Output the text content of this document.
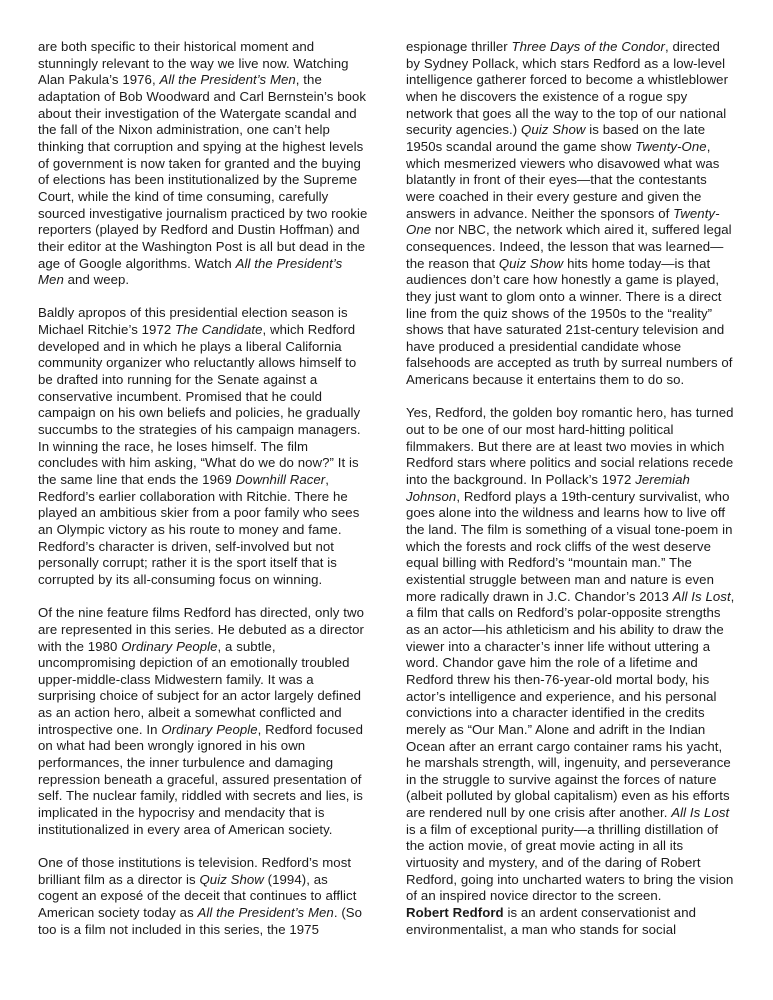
are both specific to their historical moment and stunningly relevant to the way we live now. Watching Alan Pakula’s 1976, All the President’s Men, the adaptation of Bob Woodward and Carl Bernstein’s book about their investigation of the Watergate scandal and the fall of the Nixon administration, one can’t help thinking that corruption and spying at the highest levels of government is now taken for granted and the buying of elections has been institutionalized by the Supreme Court, while the kind of time consuming, carefully sourced investigative journalism practiced by two rookie reporters (played by Redford and Dustin Hoffman) and their editor at the Washington Post is all but dead in the age of Google algorithms. Watch All the President’s Men and weep.

Baldly apropos of this presidential election season is Michael Ritchie’s 1972 The Candidate, which Redford developed and in which he plays a liberal California community organizer who reluctantly allows himself to be drafted into running for the Senate against a conservative incumbent. Promised that he could campaign on his own beliefs and policies, he gradually succumbs to the strategies of his campaign managers. In winning the race, he loses himself. The film concludes with him asking, “What do we do now?” It is the same line that ends the 1969 Downhill Racer, Redford’s earlier collaboration with Ritchie. There he played an ambitious skier from a poor family who sees an Olympic victory as his route to money and fame. Redford’s character is driven, self-involved but not personally corrupt; rather it is the sport itself that is corrupted by its all-consuming focus on winning.

Of the nine feature films Redford has directed, only two are represented in this series. He debuted as a director with the 1980 Ordinary People, a subtle, uncompromising depiction of an emotionally troubled upper-middle-class Midwestern family. It was a surprising choice of subject for an actor largely defined as an action hero, albeit a somewhat conflicted and introspective one. In Ordinary People, Redford focused on what had been wrongly ignored in his own performances, the inner turbulence and damaging repression beneath a graceful, assured presentation of self. The nuclear family, riddled with secrets and lies, is implicated in the hypocrisy and mendacity that is institutionalized in every area of American society.

One of those institutions is television. Redford’s most brilliant film as a director is Quiz Show (1994), as cogent an exposé of the deceit that continues to afflict American society today as All the President’s Men. (So too is a film not included in this series, the 1975

espionage thriller Three Days of the Condor, directed by Sydney Pollack, which stars Redford as a low-level intelligence gatherer forced to become a whistleblower when he discovers the existence of a rogue spy network that goes all the way to the top of our national security agencies.) Quiz Show is based on the late 1950s scandal around the game show Twenty-One, which mesmerized viewers who disavowed what was blatantly in front of their eyes—that the contestants were coached in their every gesture and given the answers in advance. Neither the sponsors of Twenty-One nor NBC, the network which aired it, suffered legal consequences. Indeed, the lesson that was learned—the reason that Quiz Show hits home today—is that audiences don’t care how honestly a game is played, they just want to glom onto a winner. There is a direct line from the quiz shows of the 1950s to the “reality” shows that have saturated 21st-century television and have produced a presidential candidate whose falsehoods are accepted as truth by surreal numbers of Americans because it entertains them to do so.

Yes, Redford, the golden boy romantic hero, has turned out to be one of our most hard-hitting political filmmakers. But there are at least two movies in which Redford stars where politics and social relations recede into the background. In Pollack’s 1972 Jeremiah Johnson, Redford plays a 19th-century survivalist, who goes alone into the wildness and learns how to live off the land. The film is something of a visual tone-poem in which the forests and rock cliffs of the west deserve equal billing with Redford’s “mountain man.” The existential struggle between man and nature is even more radically drawn in J.C. Chandor’s 2013 All Is Lost, a film that calls on Redford’s polar-opposite strengths as an actor—his athleticism and his ability to draw the viewer into a character’s inner life without uttering a word. Chandor gave him the role of a lifetime and Redford threw his then-76-year-old mortal body, his actor’s intelligence and experience, and his personal convictions into a character identified in the credits merely as “Our Man.” Alone and adrift in the Indian Ocean after an errant cargo container rams his yacht, he marshals strength, will, ingenuity, and perseverance in the struggle to survive against the forces of nature (albeit polluted by global capitalism) even as his efforts are rendered null by one crisis after another. All Is Lost is a film of exceptional purity—a thrilling distillation of the action movie, of great movie acting in all its virtuosity and mystery, and of the daring of Robert Redford, going into uncharted waters to bring the vision of an inspired novice director to the screen.

Robert Redford is an ardent conservationist and environmentalist, a man who stands for social
